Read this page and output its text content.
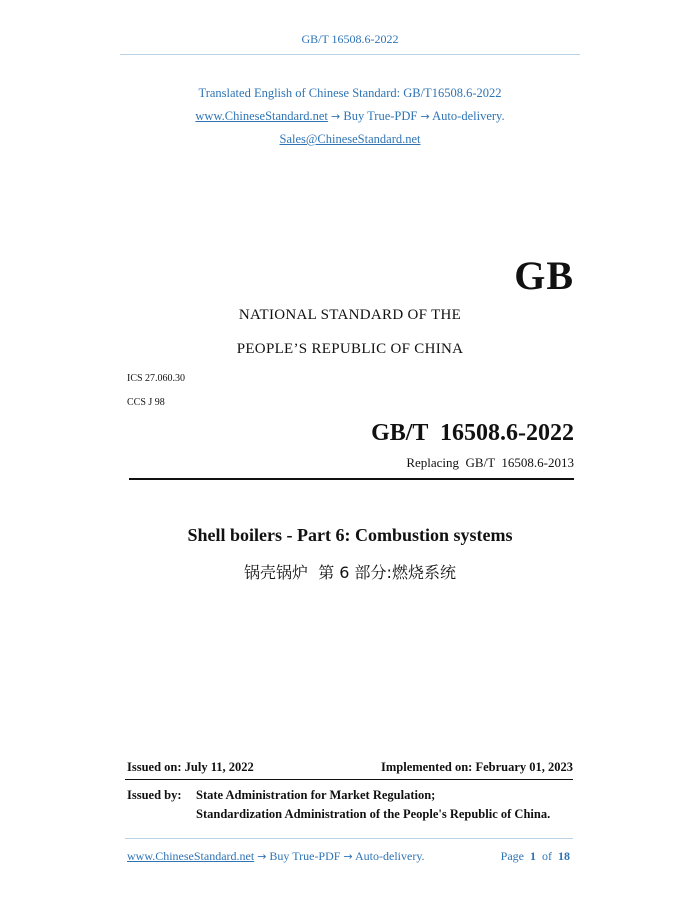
GB/T 16508.6-2022
Translated English of Chinese Standard: GB/T16508.6-2022
www.ChineseStandard.net → Buy True-PDF → Auto-delivery.
Sales@ChineseStandard.net
GB
NATIONAL STANDARD OF THE
PEOPLE’S REPUBLIC OF CHINA
ICS 27.060.30
CCS J 98
GB/T  16508.6-2022
Replacing  GB/T  16508.6-2013
Shell boilers - Part 6: Combustion systems
锅壳锅炉  第 6 部分:燃烧系统
Issued on: July 11, 2022	Implemented on: February 01, 2023
Issued by: State Administration for Market Regulation;
Standardization Administration of the People's Republic of China.
www.ChineseStandard.net → Buy True-PDF → Auto-delivery.	Page 1 of 18
